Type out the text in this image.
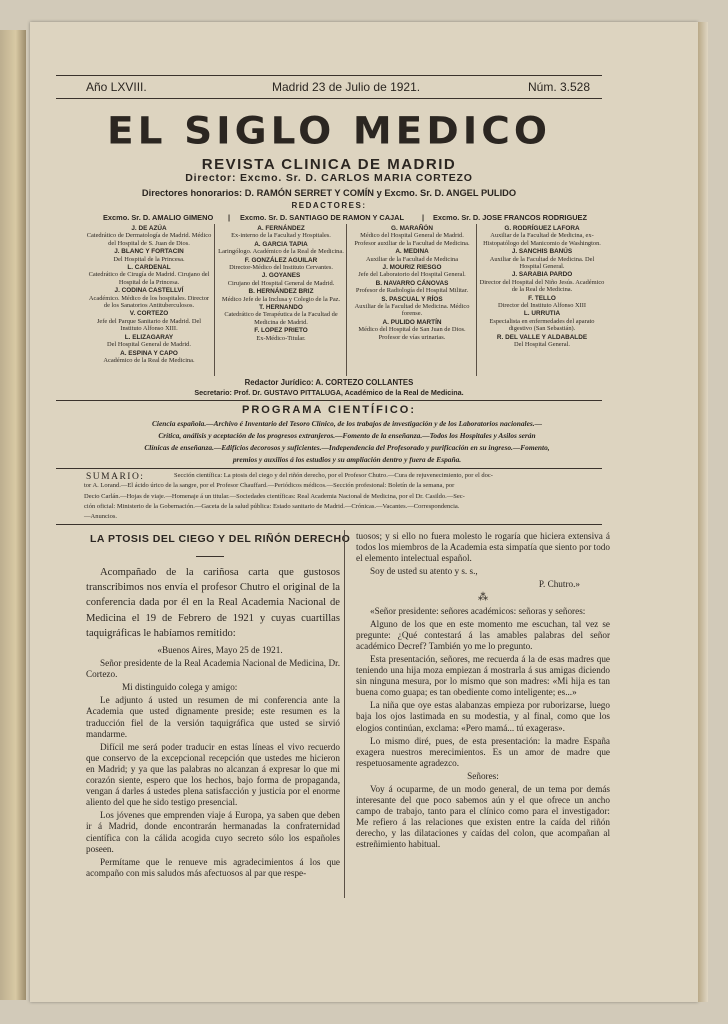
Año LXVIII.	Madrid 23 de Julio de 1921.	Núm. 3.528
EL SIGLO MEDICO
REVISTA CLINICA DE MADRID
Director: Excmo. Sr. D. CARLOS MARIA CORTEZO
Directores honorarios: D. RAMÓN SERRET Y COMÍN y Excmo. Sr. D. ANGEL PULIDO
REDACTORES:
Excmo. Sr. D. AMALIO GIMENO | Excmo. Sr. D. SANTIAGO DE RAMON Y CAJAL | Excmo. Sr. D. JOSE FRANCOS RODRIGUEZ
J. DE AZÚA
Catedrático de Dermatología de Madrid. Médico del Hospital de S. Juan de Dios.
J. BLANC Y FORTACIN
Del Hospital de la Princesa.
L. CARDENAL
Catedrático de Cirugía de Madrid. Cirujano del Hospital de la Princesa.
J. CODINA CASTELLVÍ
Académico. Médico de los hospitales. Director de los Sanatorios Antituberculosos.
V. CORTEZO
Jefe del Parque Sanitario de Madrid. Del Instituto Alfonso XIII.
L. ELIZAGARAY
Del Hospital General de Madrid.
A. ESPINA Y CAPO
Académico de la Real de Medicina.
A. FERNÁNDEZ
Ex-interno de la Facultad y Hospitales.
A. GARCIA TAPIA
Laringólogo. Académico de la Real de Medicina.
F. GONZÁLEZ AGUILAR
Director-Médico del Instituto Cervantes.
J. GOYANES
Cirujano del Hospital General de Madrid.
B. HERNÁNDEZ BRIZ
Médico Jefe de la Inclusa y Colegio de la Paz.
T. HERNANDO
Catedrático de Terapéutica de la Facultad de Medicina de Madrid.
F. LOPEZ PRIETO
Ex-Médico-Titular.
G. MARAÑÓN
Médico del Hospital General de Madrid. Profesor auxiliar de la Facultad de Medicina.
A. MEDINA
Auxiliar de la Facultad de Medicina
J. MOURIZ RIESGO
Jefe del Laboratorio del Hospital General.
B. NAVARRO CÁNOVAS
Profesor de Radiología del Hospital Militar.
S. PASCUAL Y RÍOS
Auxiliar de la Facultad de Medicina. Médico forense.
A. PULIDO MARTÍN
Médico del Hospital de San Juan de Dios. Profesor de vías urinarias.
G. RODRÍGUEZ LAFORA
Auxiliar de la Facultad de Medicina, ex-Histopatólogo del Manicomio de Washington.
J. SANCHIS BANÚS
Auxiliar de la Facultad de Medicina. Del Hospital General.
J. SARABIA PARDO
Director del Hospital del Niño Jesús. Académico de la Real de Medicina.
F. TELLO
Director del Instituto Alfonso XIII
L. URRUTIA
Especialista en enfermedades del aparato digestivo (San Sebastián).
R. DEL VALLE Y ALDABALDE
Del Hospital General.
Redactor Jurídico: A. CORTEZO COLLANTES
Secretario: Prof. Dr. GUSTAVO PITTALUGA, Académico de la Real de Medicina.
PROGRAMA CIENTÍFICO:
Ciencia española.—Archivo é Inventario del Tesoro Clínico, de los trabajos de investigación y de los Laboratorios nacionales.—
Crítica, análisis y aceptación de los progresos extranjeros.—Fomento de la enseñanza.—Todos los Hospitales y Asilos serán
Clínicas de enseñanza.—Edificios decorosos y suficientes.—Independencia del Profesorado y purificación en su ingreso.—Fomento,
premios y auxilios á los estudios y su ampliación dentro y fuera de España.
SUMARIO:	Sección científica: La ptosis del ciego y del riñón derecho, por el Profesor Chutro.—Cura de rejuvenecimiento, por el doc-
tor A. Lorand.—El ácido úrico de la sangre, por el Profesor Chauffard.—Periódicos médicos.—Sección profesional: Boletín de la semana, por
Decio Carlán.—Hojas de viaje.—Homenaje á un titular.—Sociedades científicas: Real Academia Nacional de Medicina, por el Dr. Casildo.—Sec-
ción oficial: Ministerio de la Gobernación.—Gaceta de la salud pública: Estado sanitario de Madrid.—Crónicas.—Vacantes.—Correspondencia.
—Anuncios.
LA PTOSIS DEL CIEGO Y DEL RIÑÓN DERECHO

Acompañado de la cariñosa carta que gustosos transcribimos nos envía el profesor Chutro el original de la conferencia dada por él en la Real Academia Nacional de Medicina el 19 de Febrero de 1921 y cuyas cuartillas taquigráficas le habíamos remitido:

«Buenos Aires, Mayo 25 de 1921.

Señor presidente de la Real Academia Nacional de Medicina, Dr. Cortezo.

Mi distinguido colega y amigo:

Le adjunto á usted un resumen de mi conferencia ante la Academia que usted dignamente preside; este resumen es la traducción fiel de la versión taquigráfica que usted se sirvió mandarme.

Difícil me será poder traducir en estas líneas el vivo recuerdo que conservo de la excepcional recepción que ustedes me hicieron en Madrid; y ya que las palabras no alcanzan á expresar lo que mi corazón siente, espero que los hechos, bajo forma de propaganda, vengan á darles á ustedes plena satisfacción y justicia por el enorme aliento del que he sido testigo presencial.

Los jóvenes que emprenden viaje á Europa, ya saben que deben ir á Madrid, donde encontrarán hermanadas la confraternidad científica con la cálida acogida cuyo secreto sólo los españoles poseen.

Permítame que le renueve mis agradecimientos á los que acompaño con mis saludos más afectuosos al par que respe-

tuosos; y si ello no fuera molesto le rogaría que hiciera extensiva á todos los miembros de la Academia esta simpatía que siento por todo el elemento intelectual español.

Soy de usted su atento y s. s.,

P. Chutro.»

⁂

«Señor presidente: señores académicos: señoras y señores:

Alguno de los que en este momento me escuchan, tal vez se pregunte: ¿Qué contestará á las amables palabras del señor académico Decref? También yo me lo pregunto.

Esta presentación, señores, me recuerda á la de esas madres que teniendo una hija moza empiezan á mostrarla á sus amigas diciendo sin ninguna mesura, por lo mismo que son madres: «Mi hija es tan buena como guapa; es tan obediente como inteligente; es...»

La niña que oye estas alabanzas empieza por ruborizarse, luego baja los ojos lastimada en su modestia, y al final, como que los elogios continúan, exclama: «Pero mamá... tú exageras».

Lo mismo diré, pues, de esta presentación: la madre España exagera nuestros merecimientos. Es un amor de madre que respetuosamente agradezco.

Señores:

Voy á ocuparme, de un modo general, de un tema por demás interesante del que poco sabemos aún y el que ofrece un ancho campo de trabajo, tanto para el clínico como para el investigador: Me refiero á las relaciones que existen entre la caída del riñón derecho, y las dilataciones y caídas del colon, que acompañan al estreñimiento habitual.
